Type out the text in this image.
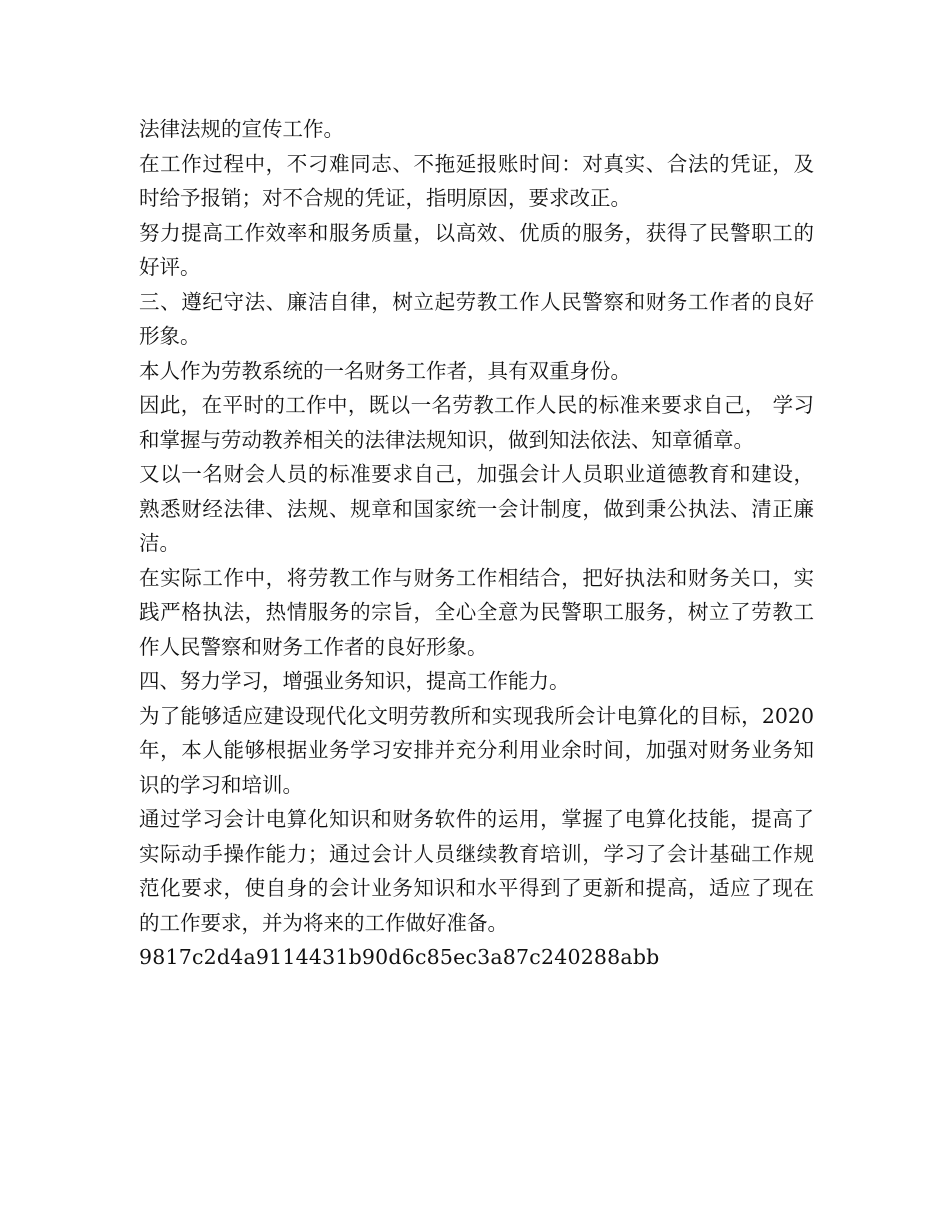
法律法规的宣传工作。

在工作过程中，不刁难同志、不拖延报账时间：对真实、合法的凭证，及时给予报销；对不合规的凭证，指明原因，要求改正。

努力提高工作效率和服务质量，以高效、优质的服务，获得了民警职工的好评。

三、遵纪守法、廉洁自律，树立起劳教工作人民警察和财务工作者的良好形象。

本人作为劳教系统的一名财务工作者，具有双重身份。

因此，在平时的工作中，既以一名劳教工作人民的标准来要求自己， 学习和掌握与劳动教养相关的法律法规知识，做到知法依法、知章循章。

又以一名财会人员的标准要求自己，加强会计人员职业道德教育和建设，熟悉财经法律、法规、规章和国家统一会计制度，做到秉公执法、清正廉洁。

在实际工作中，将劳教工作与财务工作相结合，把好执法和财务关口，实践严格执法，热情服务的宗旨，全心全意为民警职工服务，树立了劳教工作人民警察和财务工作者的良好形象。

四、努力学习，增强业务知识，提高工作能力。

为了能够适应建设现代化文明劳教所和实现我所会计电算化的目标，2020年，本人能够根据业务学习安排并充分利用业余时间，加强对财务业务知识的学习和培训。

通过学习会计电算化知识和财务软件的运用，掌握了电算化技能，提高了实际动手操作能力；通过会计人员继续教育培训，学习了会计基础工作规范化要求，使自身的会计业务知识和水平得到了更新和提高，适应了现在的工作要求，并为将来的工作做好准备。

9817c2d4a9114431b90d6c85ec3a87c240288abb
